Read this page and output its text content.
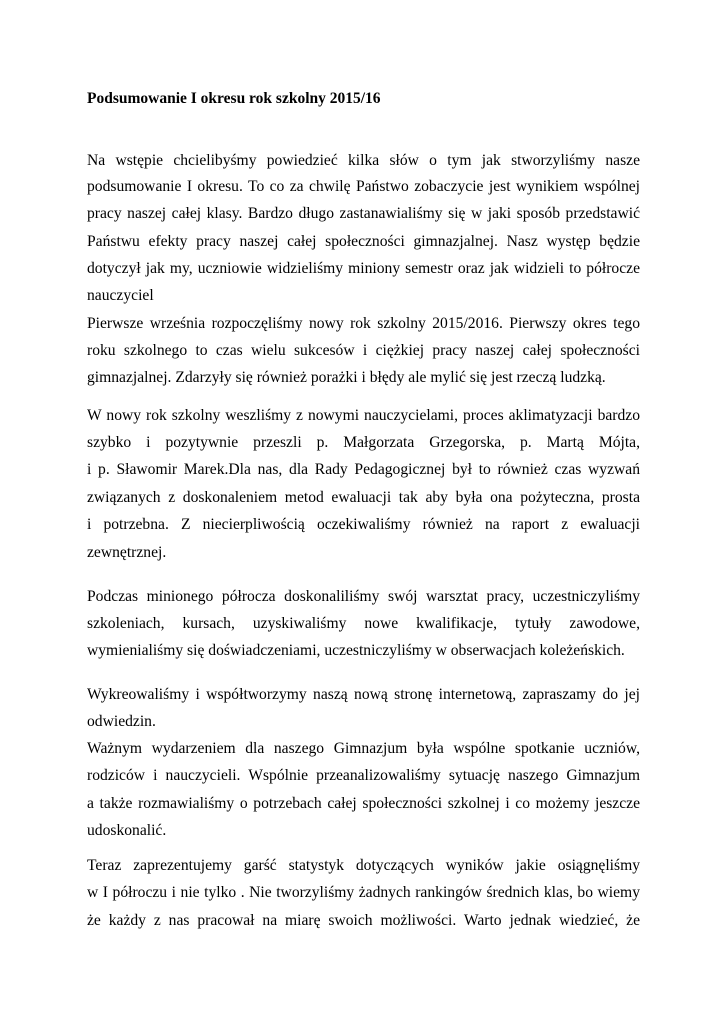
Podsumowanie I okresu rok szkolny 2015/16
Na wstępie chcielibyśmy powiedzieć kilka słów o tym jak stworzyliśmy nasze
podsumowanie I okresu. To co za chwilę Państwo zobaczycie jest wynikiem wspólnej
pracy naszej całej klasy. Bardzo długo zastanawialiśmy się w jaki sposób przedstawić
Państwu efekty pracy naszej całej społeczności gimnazjalnej. Nasz występ będzie
dotyczył jak my, uczniowie widzieliśmy miniony semestr oraz jak widzieli to półrocze
nauczyciel
Pierwsze września rozpoczęliśmy nowy rok szkolny 2015/2016. Pierwszy okres tego
roku szkolnego to czas wielu sukcesów i ciężkiej pracy naszej całej społeczności
gimnazjalnej. Zdarzyły się również porażki i błędy ale mylić się jest rzeczą ludzką.
W nowy rok szkolny weszliśmy z nowymi nauczycielami, proces aklimatyzacji bardzo
szybko i pozytywnie przeszli p. Małgorzata Grzegorska, p. Martą Mójta,
i p. Sławomir Marek.Dla nas, dla Rady Pedagogicznej był to również czas wyzwań
związanych z doskonaleniem metod ewaluacji tak aby była ona pożyteczna, prosta
i potrzebna. Z niecierpliwością oczekiwaliśmy również na raport z ewaluacji
zewnętrznej.
Podczas minionego półrocza doskonaliliśmy swój warsztat pracy, uczestniczyliśmy
szkoleniach, kursach, uzyskiwaliśmy nowe kwalifikacje, tytuły zawodowe,
wymienialiśmy się doświadczeniami, uczestniczyliśmy w obserwacjach koleżeńskich.
Wykreowaliśmy i współtworzymy naszą nową stronę internetową, zapraszamy do jej
odwiedzin.
Ważnym wydarzeniem dla naszego Gimnazjum była wspólne spotkanie uczniów,
rodziców i nauczycieli. Wspólnie przeanalizowaliśmy sytuację naszego Gimnazjum
a także rozmawialiśmy o potrzebach całej społeczności szkolnej i co możemy jeszcze
udoskonalić.
Teraz zaprezentujemy garść statystyk dotyczących wyników jakie osiągnęliśmy
w I półroczu i nie tylko . Nie tworzyliśmy żadnych rankingów średnich klas, bo wiemy
że każdy z nas pracował na miarę swoich możliwości. Warto jednak wiedzieć, że
